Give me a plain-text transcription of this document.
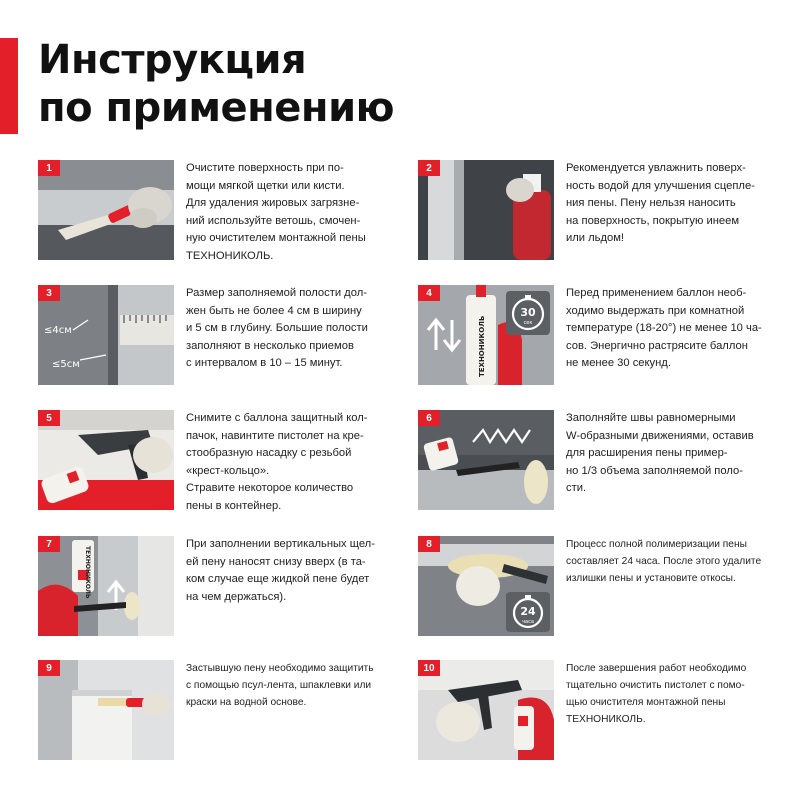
Инструкция
по применению
1	Очистите поверхность при по-
мощи мягкой щетки или кисти.
Для удаления жировых загрязне-
ний используйте ветошь, смочен-
ную очистителем монтажной пены
ТЕХНОНИКОЛЬ.
2	Рекомендуется увлажнить поверх-
ность водой для улучшения сцепле-
ния пены. Пену нельзя наносить
на поверхность, покрытую инеем
или льдом!
≤4см
≤5см
3	Размер заполняемой полости дол-
жен быть не более 4 см в ширину
и 5 см в глубину. Большие полости
заполняют в несколько приемов
с интервалом в 10 – 15 минут.	ТЕХНОНИКОЛЬ
30
сек
4	Перед применением баллон необ-
ходимо выдержать при комнатной
температуре (18-20°) не менее 10 ча-
сов. Энергично растрясите баллон
не менее 30 секунд.
5	Снимите с баллона защитный кол-
пачок, навинтите пистолет на кре-
стообразную насадку с резьбой
«крест-кольцо».
Стравите некоторое количество
пены в контейнер.
6	Заполняйте швы равномерными
W-образными движениями, оставив
для расширения пены пример-
но 1/3 объема заполняемой поло-
сти.
ТЕХНОНИКОЛЬ
7	При заполнении вертикальных щел-
ей пену наносят снизу вверх (в та-
ком случае еще жидкой пене будет
на чем держаться).
24
часа
8	Процесс полной полимеризации пены
составляет 24 часа. После этого удалите
излишки пены и установите откосы.
9	Застывшую пену необходимо защитить
с помощью псул-лента, шпаклевки или
краски на водной основе.
10	После завершения работ необходимо
тщательно очистить пистолет с помо-
щью очистителя монтажной пены
ТЕХНОНИКОЛЬ.
